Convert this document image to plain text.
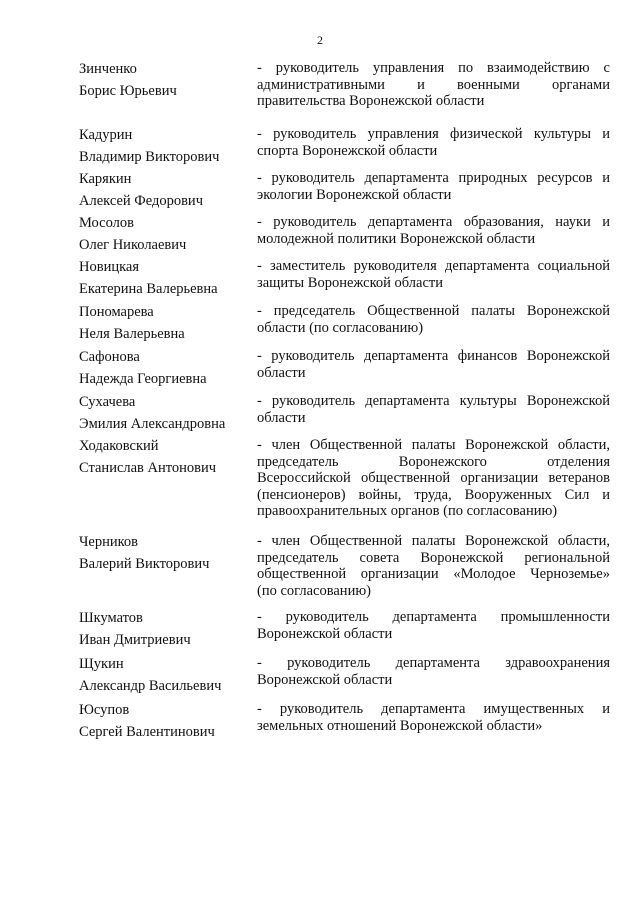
2
Зинченко
Борис Юрьевич
- руководитель управления по взаимодействию с
административными и военными органами
правительства Воронежской области
Кадурин
Владимир Викторович
- руководитель управления физической культуры и
спорта Воронежской области
Карякин
Алексей Федорович
- руководитель департамента природных ресурсов и
экологии Воронежской области
Мосолов
Олег Николаевич
- руководитель департамента образования, науки и
молодежной политики Воронежской области
Новицкая
Екатерина Валерьевна
- заместитель руководителя департамента социальной
защиты Воронежской области
Пономарева
Неля Валерьевна
- председатель Общественной палаты Воронежской
области (по согласованию)
Сафонова
Надежда Георгиевна
- руководитель департамента финансов Воронежской
области
Сухачева
Эмилия Александровна
- руководитель департамента культуры Воронежской
области
Ходаковский
Станислав Антонович
- член Общественной палаты Воронежской области,
председатель Воронежского отделения
Всероссийской общественной организации ветеранов
(пенсионеров) войны, труда, Вооруженных Сил и
правоохранительных органов (по согласованию)
Черников
Валерий Викторович
- член Общественной палаты Воронежской области,
председатель совета Воронежской региональной
общественной организации «Молодое Черноземье»
(по согласованию)
Шкуматов
Иван Дмитриевич
- руководитель департамента промышленности
Воронежской области
Щукин
Александр Васильевич
- руководитель департамента здравоохранения
Воронежской области
Юсупов
Сергей Валентинович
- руководитель департамента имущественных и
земельных отношений Воронежской области»
